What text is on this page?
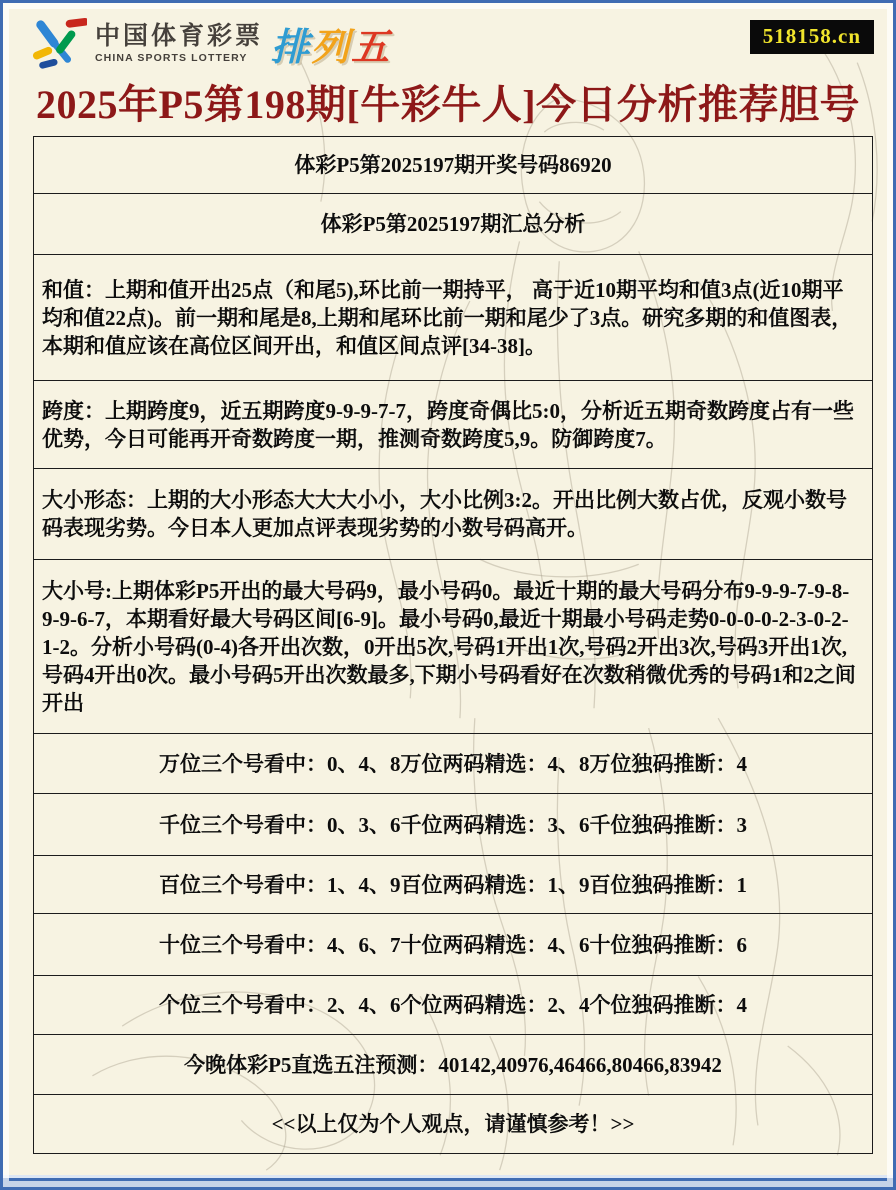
中国体育彩票
CHINA SPORTS LOTTERY 排 列 五	518158.cn
2025年P5第198期[牛彩牛人]今日分析推荐胆号
体彩P5第2025197期开奖号码86920
体彩P5第2025197期汇总分析
和值：上期和值开出25点（和尾5),环比前一期持平， 高于近10期平均和值3点(近10期平均和值22点)。前一期和尾是8,上期和尾环比前一期和尾少了3点。研究多期的和值图表，本期和值应该在高位区间开出，和值区间点评[34-38]。
跨度：上期跨度9，近五期跨度9-9-9-7-7，跨度奇偶比5:0，分析近五期奇数跨度占有一些优势，今日可能再开奇数跨度一期，推测奇数跨度5,9。防御跨度7。
大小形态：上期的大小形态大大大小小，大小比例3:2。开出比例大数占优，反观小数号码表现劣势。今日本人更加点评表现劣势的小数号码高开。
大小号:上期体彩P5开出的最大号码9，最小号码0。最近十期的最大号码分布9-9-9-7-9-8-9-9-6-7，本期看好最大号码区间[6-9]。最小号码0,最近十期最小号码走势0-0-0-0-2-3-0-2-1-2。分析小号码(0-4)各开出次数，0开出5次,号码1开出1次,号码2开出3次,号码3开出1次,号码4开出0次。最小号码5开出次数最多,下期小号码看好在次数稍微优秀的号码1和2之间开出
万位三个号看中：0、4、8万位两码精选：4、8万位独码推断：4
千位三个号看中：0、3、6千位两码精选：3、6千位独码推断：3
百位三个号看中：1、4、9百位两码精选：1、9百位独码推断：1
十位三个号看中：4、6、7十位两码精选：4、6十位独码推断：6
个位三个号看中：2、4、6个位两码精选：2、4个位独码推断：4
今晚体彩P5直选五注预测：40142,40976,46466,80466,83942
<<以上仅为个人观点，请谨慎参考！>>
